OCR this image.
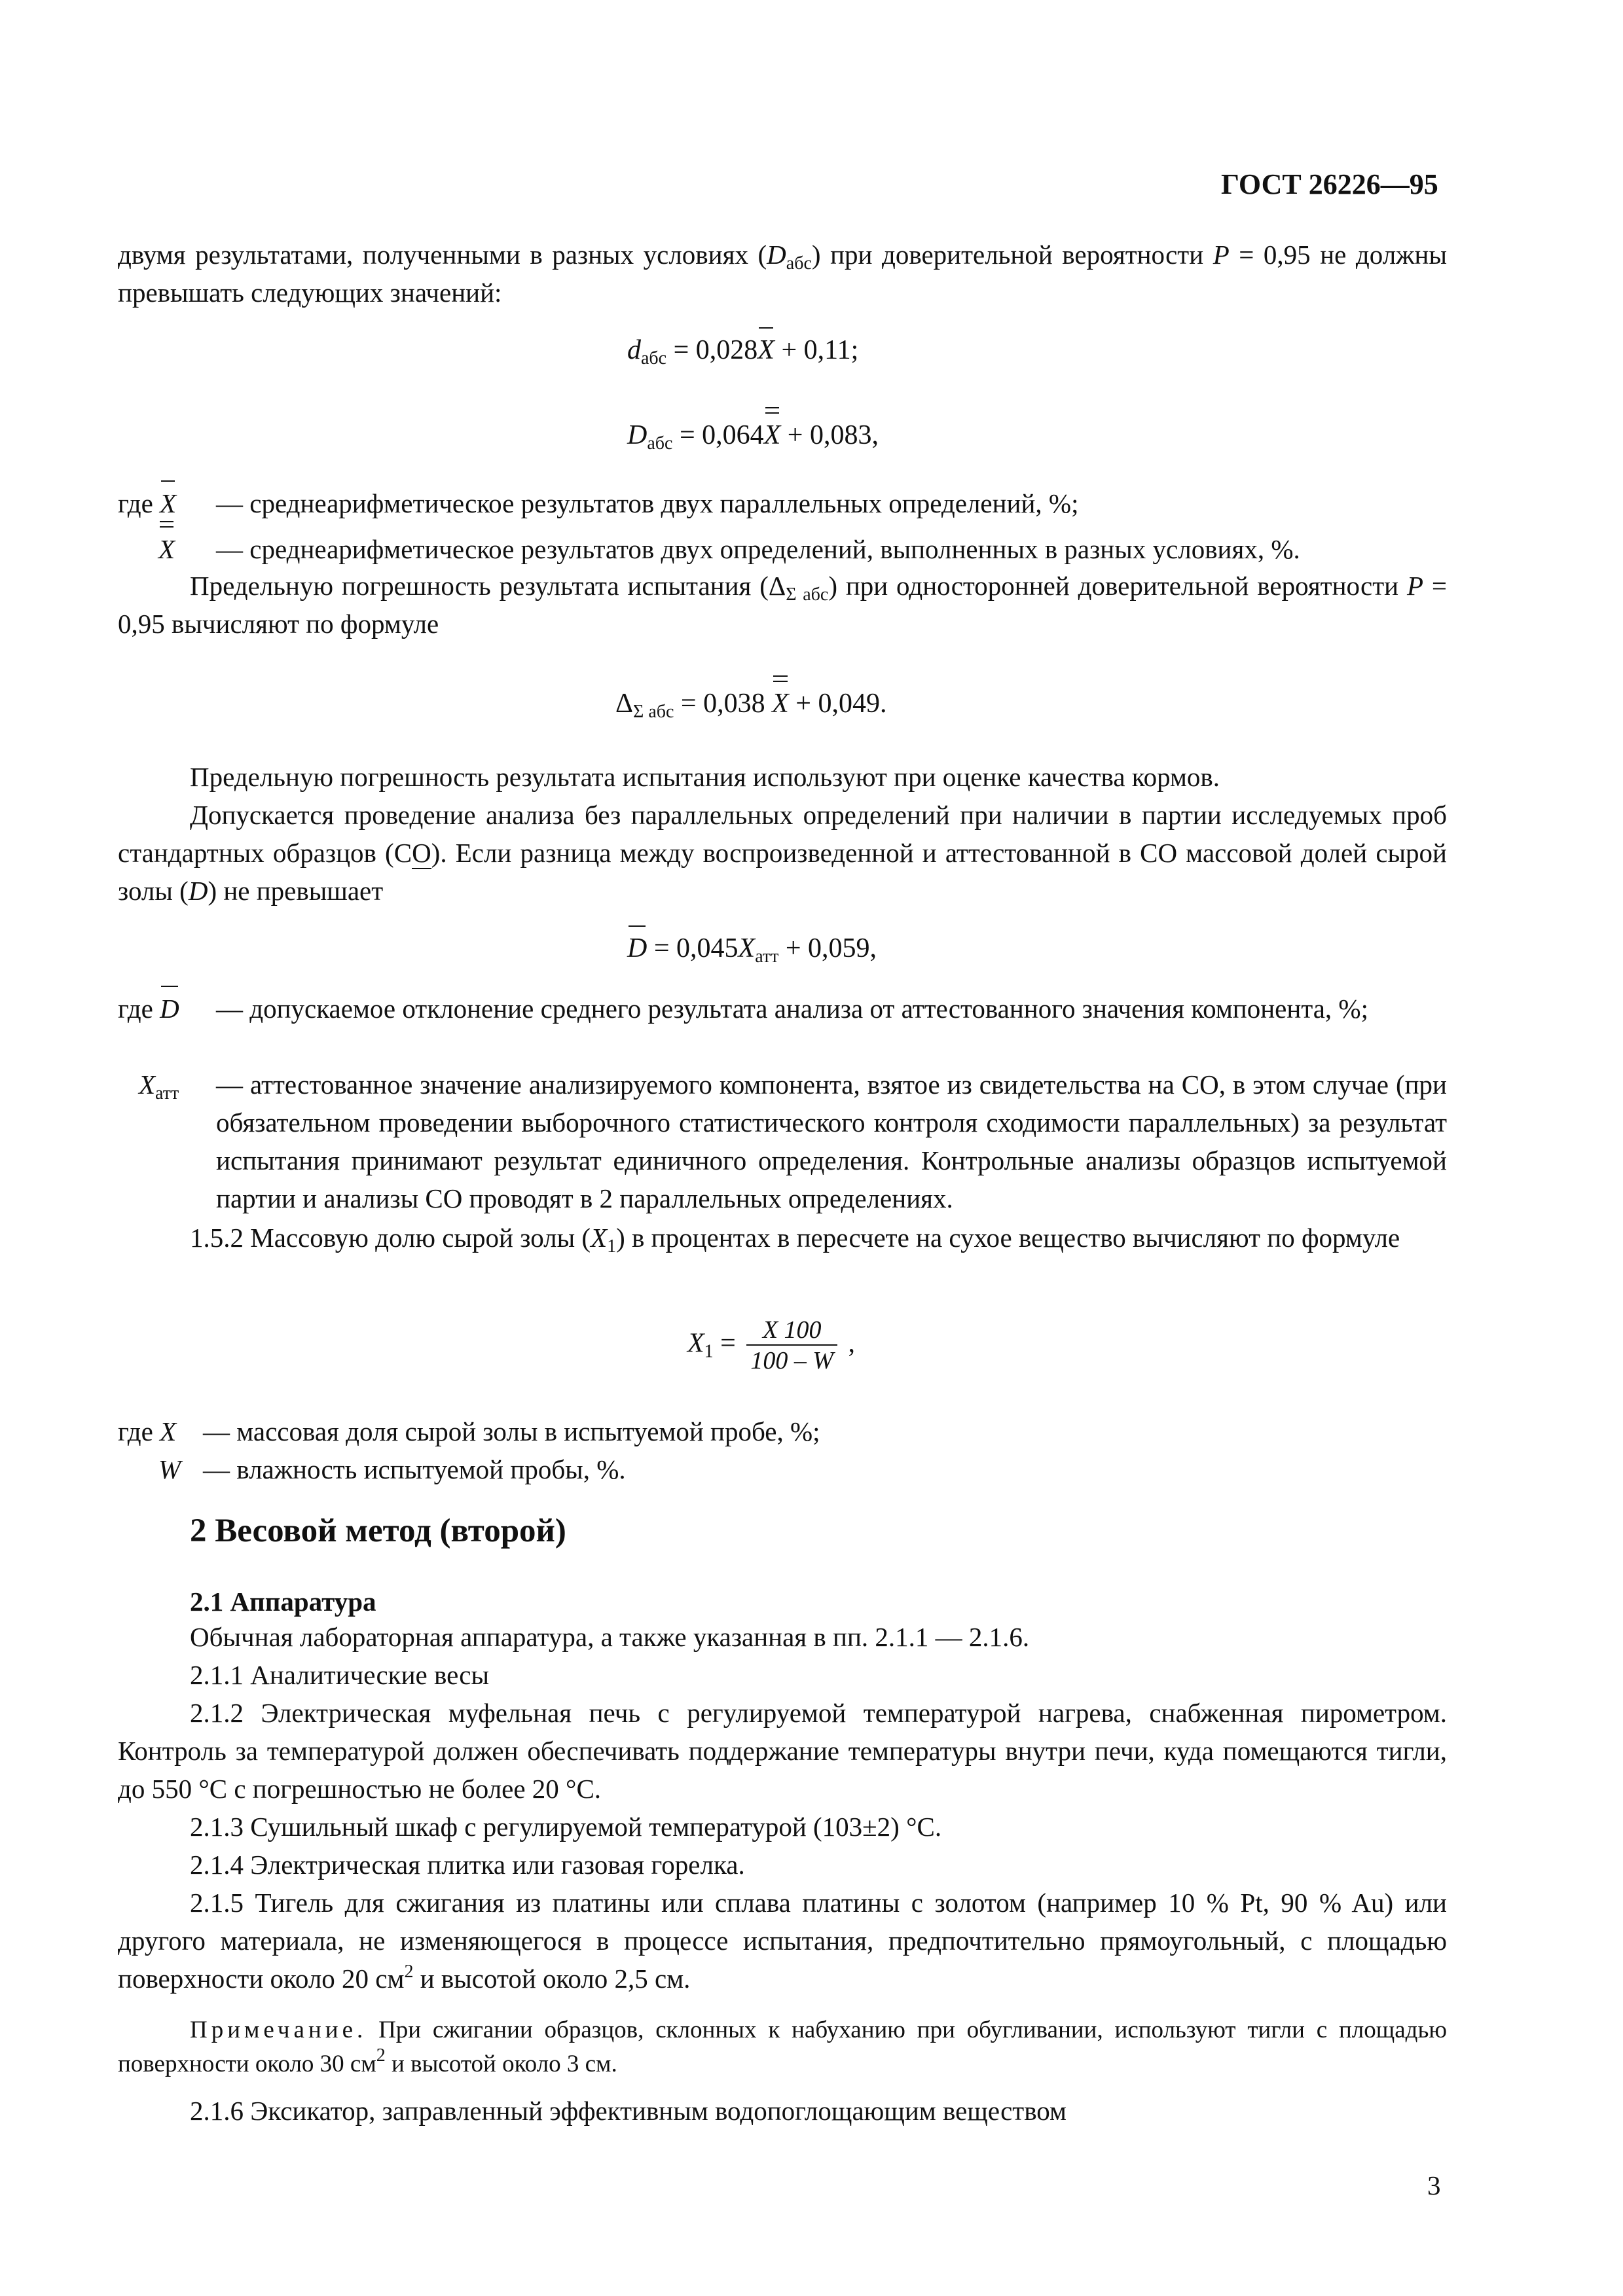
ГОСТ 26226—95
двумя результатами, полученными в разных условиях $(D_{абс})$ при доверительной вероятности P = 0,95 не должны превышать следующих значений:
$d_{абс} = 0,028X + 0,11$;
$D_{абс} = 0,064X + 0,083$,
где X — среднеарифметическое результатов двух параллельных определений, %;
X — среднеарифметическое результатов двух определений, выполненных в разных условиях, %.
Предельную погрешность результата испытания $(\Delta_{\Sigma абс})$ при односторонней доверительной вероятности P = 0,95 вычисляют по формуле
$\Delta_{\Sigma абс} = 0,038$ X + 0,049.
Предельную погрешность результата испытания используют при оценке качества кормов.
Допускается проведение анализа без параллельных определений при наличии в партии исследуемых проб стандартных образцов (СО). Если разница между воспроизведенной и аттестованной в СО массовой долей сырой золы (D) не превышает
$D = 0,045X_{атт} + 0,059$,
где D — допускаемое отклонение среднего результата анализа от аттестованного значения компонента, %;
$X_{атт}$ — аттестованное значение анализируемого компонента, взятое из свидетельства на СО, в этом случае (при обязательном проведении выборочного статистического контроля сходимости параллельных) за результат испытания принимают результат единичного определения. Контрольные анализы образцов испытуемой партии и анализы СО проводят в 2 параллельных определениях.
1.5.2 Массовую долю сырой золы $(X_1)$ в процентах в пересчете на сухое вещество вычисляют по формуле
$X_1 = \frac{X 100}{100 - W}$ ,
где X — массовая доля сырой золы в испытуемой пробе, %;
W — влажность испытуемой пробы, %.
2 Весовой метод (второй)
2.1 Аппаратура
Обычная лабораторная аппаратура, а также указанная в пп. 2.1.1 — 2.1.6.
2.1.1 Аналитические весы
2.1.2 Электрическая муфельная печь с регулируемой температурой нагрева, снабженная пирометром. Контроль за температурой должен обеспечивать поддержание температуры внутри печи, куда помещаются тигли, до 550 °С с погрешностью не более 20 °С.
2.1.3 Сушильный шкаф с регулируемой температурой (103±2) °С.
2.1.4 Электрическая плитка или газовая горелка.
2.1.5 Тигель для сжигания из платины или сплава платины с золотом (например 10 % Pt, 90 % Au) или другого материала, не изменяющегося в процессе испытания, предпочтительно прямоугольный, с площадью поверхности около 20 $см^2$ и высотой около 2,5 см.
Примечание. При сжигании образцов, склонных к набуханию при обугливании, используют тигли с площадью поверхности около 30 $см^2$ и высотой около 3 см.
2.1.6 Эксикатор, заправленный эффективным водопоглощающим веществом
3
